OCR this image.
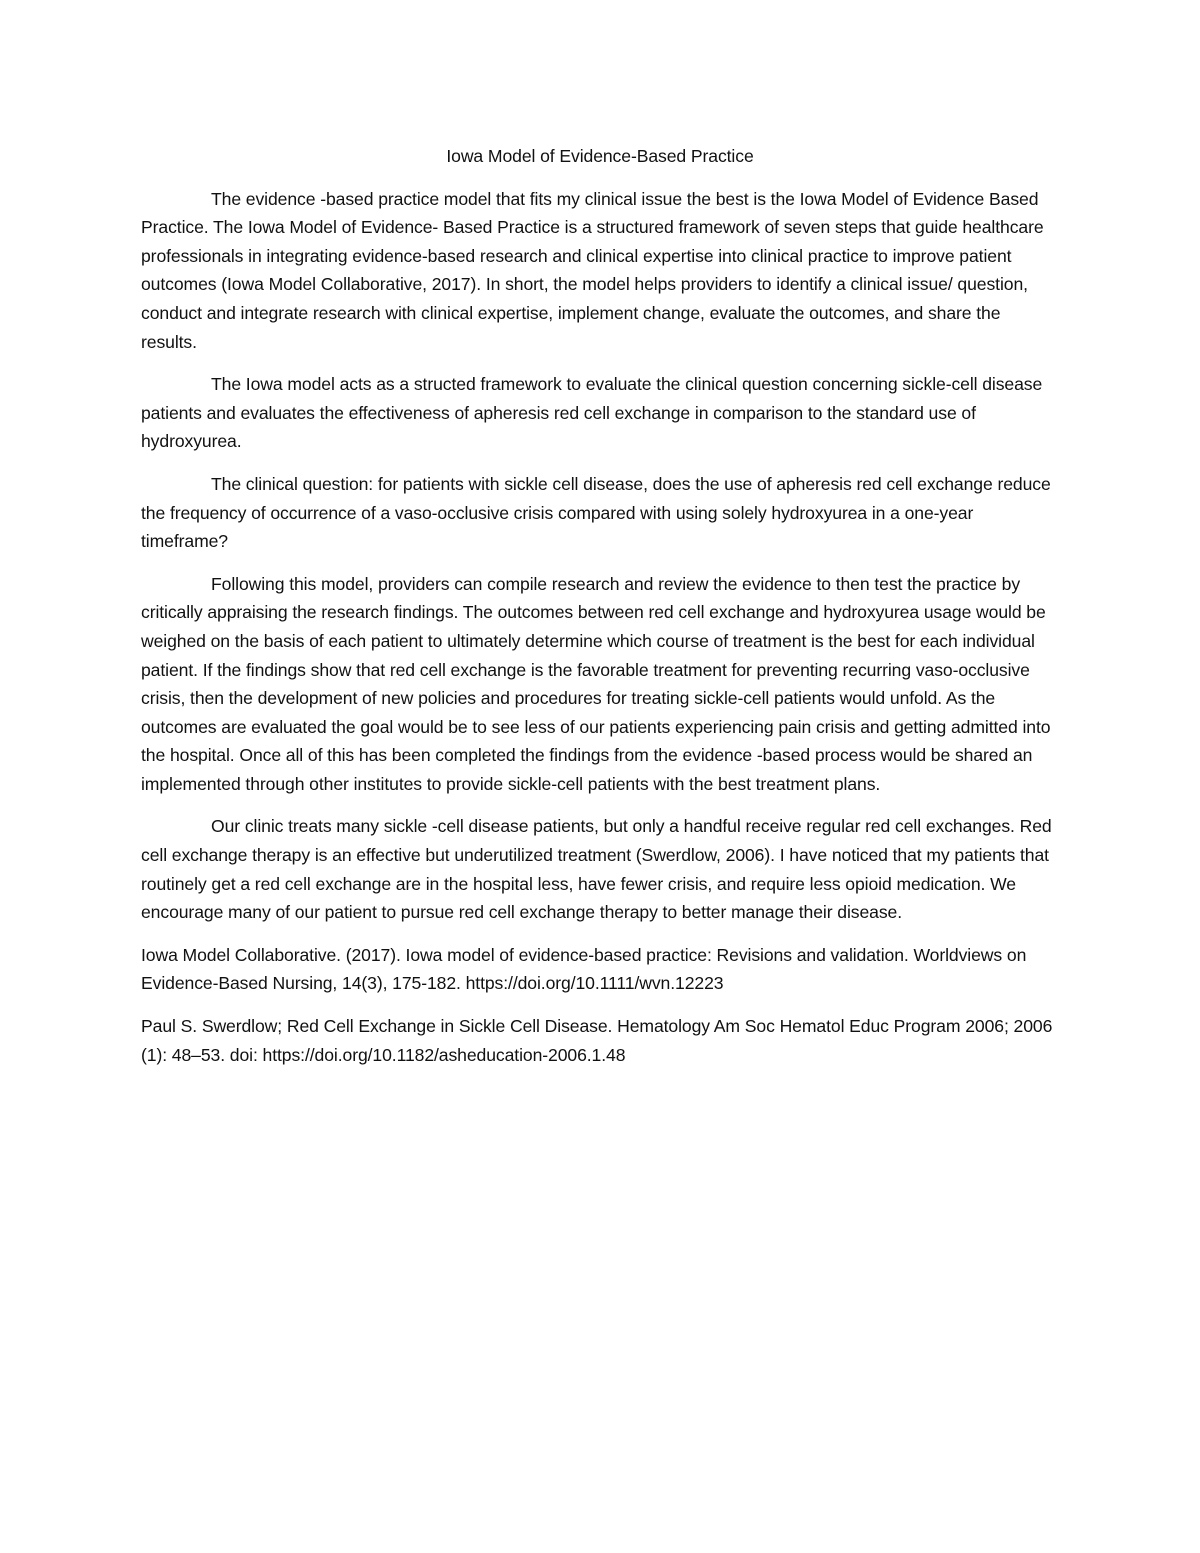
Iowa Model of Evidence-Based Practice

The evidence -based practice model that fits my clinical issue the best is the Iowa Model of Evidence Based Practice. The Iowa Model of Evidence- Based Practice is a structured framework of seven steps that guide healthcare professionals in integrating evidence-based research and clinical expertise into clinical practice to improve patient outcomes (Iowa Model Collaborative, 2017). In short, the model helps providers to identify a clinical issue/ question, conduct and integrate research with clinical expertise, implement change, evaluate the outcomes, and share the results.

The Iowa model acts as a structed framework to evaluate the clinical question concerning sickle-cell disease patients and evaluates the effectiveness of apheresis red cell exchange in comparison to the standard use of hydroxyurea.

The clinical question: for patients with sickle cell disease, does the use of apheresis red cell exchange reduce the frequency of occurrence of a vaso-occlusive crisis compared with using solely hydroxyurea in a one-year timeframe?

Following this model, providers can compile research and review the evidence to then test the practice by critically appraising the research findings. The outcomes between red cell exchange and hydroxyurea usage would be weighed on the basis of each patient to ultimately determine which course of treatment is the best for each individual patient. If the findings show that red cell exchange is the favorable treatment for preventing recurring vaso-occlusive crisis, then the development of new policies and procedures for treating sickle-cell patients would unfold. As the outcomes are evaluated the goal would be to see less of our patients experiencing pain crisis and getting admitted into the hospital. Once all of this has been completed the findings from the evidence -based process would be shared an implemented through other institutes to provide sickle-cell patients with the best treatment plans.

Our clinic treats many sickle -cell disease patients, but only a handful receive regular red cell exchanges. Red cell exchange therapy is an effective but underutilized treatment (Swerdlow, 2006). I have noticed that my patients that routinely get a red cell exchange are in the hospital less, have fewer crisis, and require less opioid medication. We encourage many of our patient to pursue red cell exchange therapy to better manage their disease.

Iowa Model Collaborative. (2017). Iowa model of evidence-based practice: Revisions and validation. Worldviews on Evidence-Based Nursing, 14(3), 175-182. https://doi.org/10.1111/wvn.12223

Paul S. Swerdlow; Red Cell Exchange in Sickle Cell Disease. Hematology Am Soc Hematol Educ Program 2006; 2006 (1): 48–53. doi: https://doi.org/10.1182/asheducation-2006.1.48
